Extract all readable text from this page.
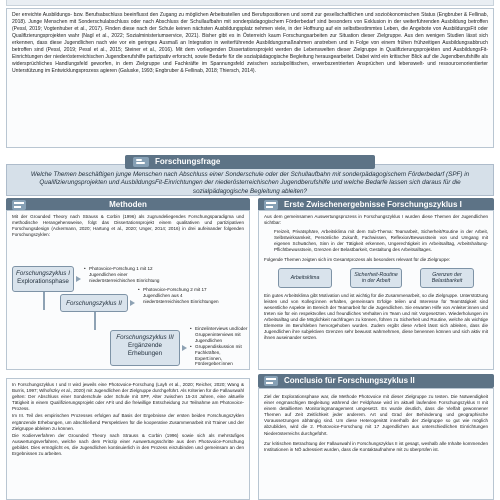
Der erreichte Ausbildungs- bzw. Berufsabschluss beeinflusst den Zugang zu möglichen Arbeitsstellen und Berufspositionen und somit zur gesellschaftlichen und sozioökonomischen Status (Engbruber & Fellinab, 2018). Junge Menschen mit Sonderschulabschluss oder nach Abschluss der Schullaufbahn mit sonderpädagogischem Förderbedarf sind besonders von Exklusion in der weiterführenden Ausbildung betroffen (Pessl, 2019; Vogtenhuber et al., 2017). Finden diese nach der Schule keinen nächsten Ausbildungsplatz nehmen viele, in der Hoffnung auf ein selbstbestimmtes Leben, die Angebote von AusbildungsFit oder Qualifizierungsprojekten wahr (Nagl et al., 2022; Sozialministeriumservice, 2021). Bisher gibt es in Österreich kaum Forschungsarbeiten zur Situation dieser Zielgruppe. Aus den wenigen Studien lässt sich erkennen, dass diese Jugendlichen nach wie vor ein geringes Ausmaß an Integration in weiterführende Ausbildungsmaßnahmen anstreben und in Folge von einem frühen frühzeitigen Ausbildungsabbruch betroffen sind (Pessl, 2019; Pessl et al., 2015; Steiner et al., 2016). Mit dem vorliegenden Dissertationsprojekt werden die Lebenswelten dieser Zielgruppe in Qualifizierungsprojekten und AusbildungsFit-Einrichtungen der niederösterreichischen Jugendberufshilfe partizipativ erforscht, sowie Bedarfe für die sozialpädagogische Begleitung herausgearbeitet. Dabei wird ein kritischer Blick auf die Jugendberufshilfe als widersprüchliches Handlungsfeld geworfen, in dem Zielgruppe und Fachkräfte im Spannungsfeld zwischen sozialpolitischen, erwerbszentrierten Ansprüchen und lebenswelt- und ressourcenorientierter Unterstützung im Entwicklungsprozess agieren (Galuske, 1993; Engbruber & Fellinab, 2018; Thiersch, 2014).

Welche Themen beschäftigen junge Menschen nach Abschluss einer Sonderschule oder der Schullaufbahn mit sonderpädagogischem Förderbedarf (SPF) in Qualifizierungsprojekten und AusbildungsFit-Einrichtungen der niederösterreichischen Jugendberufshilfe und welche Bedarfe lassen sich daraus für die sozialpädagogische Begleitung ableiten?

Forschungsfrage
Methoden	Erste Zwischenergebnisse Forschungszyklus I

Mit der Grounded Theory nach Strauss & Corbin (1996) als zugrundeliegendes Forschungsparadigma und methodische Herangehensweise, folgt das Dissertationsprojekt einem qualitativen und partizipativen Forschungsdesign (Ackermann, 2020; Hartung et al., 2020; Unger, 2014; 2016) in drei aufeinander folgenden Forschungszyklen:

Forschungszyklus I
Explorationsphase
• Photovoice-Forschung 1 mit 12 Jugendlichen einer niederösterreichischen Einrichtung
Forschungszyklus II
• Photovoice-Forschung 2 mit 17 Jugendlichen aus 4 niederösterreichischen Einrichtungen
Forschungszyklus III
Ergänzende Erhebungen
• Einzelinterviews und/oder Gruppeninterviews mit Jugendlichen
• Gruppendiskussion mit Fachkräften, Expert:innen, Fördergeber:innen

Aus dem gemeinsamen Auswertungsprozess in Forschungszyklus I wurden diese Themen der Jugendlichen sichtbar:

Freizeit, Privatsphäre, Arbeitsklima mit dem Sub-Thema: Teamarbeit, Sicherheit/Routine in der Arbeit, Selbstwirksamkeit, Persönliche Zukunft, Fachwissen, Reflexion/Bewusstsein von und Umgang mit eigenen Schwächen, Sinn in der Tätigkeit erkennen, Ungerechtigkeit im Arbeitsalltag, Arbeitshaltung-Pflichtbewusstsein, Grenzen der Belastbarkeit, Gestaltung des Arbeitsalltages.

Folgende Themen zeigten sich im Gesamtprozess als besonders relevant für die Zielgruppe:

Arbeitsklima	Sicherheit-Routine in der Arbeit
Grenzen der Belastbarkeit

Ein gutes Arbeitsklima gibt Motivation und ist wichtig für die Zusammenarbeit, so die Zielgruppe. Unterstützung leisten und von Kolleg:innen erhalten, gemeinsam Erfolge teilen und Interesse für Teamtätigkeit sind wesentliche Aspekte im Bereich der Teamarbeit für die Jugendlichen. Sie erwarten Hilfe von Anleiter:innen und treten sie für ein respektvolles und freundliches Verhalten im Team und mit Vorgesetzten. Wiederholungen im Arbeitsalltag und die Möglichkeit nachfragen zu können, führen zu Sicherheit und Routine, welche als wichtige Elemente im Berufsleben hervorgehoben wurden. Zudem ergibt diese Arbeit lässt sich ableiten, dass die Jugendlichen ihre subjektiven Grenzen sehr bewusst wahrnehmen, diese benennen können und sich aktiv mit ihnen auseinander setzen.

In Forschungszyklus I und II wird jeweils eine Photovoice-Forschung (Layh et al., 2020; Reicher, 2020; Wang & Burris, 1997; Wihofszky et al., 2020) mit Jugendlichen der Zielgruppe durchgeführt. Als Kriterien für die Fallauswahl gelten: Der Abschluss einer Sonderschule oder Schule mit SPF, Alter zwischen 15-24 Jahren, eine aktuelle Tätigkeit in einem Qualifizierungsprojekt oder AFit und die freiwillige Entscheidung zur Teilnahme am Photovoice-Prozess.

Im III. Teil des empirischen Prozesses erfolgen auf Basis der Ergebnisse der ersten beiden Forschungszyklen ergänzende Erhebungen, um abschließend Perspektiven für die kooperative Zusammenarbeit mit Trainer und der Zielgruppe ableiten zu können.

Die Kodierverfahren der Grounded Theory nach Strauss & Corbin (1996) sowie sich als mehrstufiges Auswertungsverfahren, welche nach dem Prinzip einer Auswertungsschritte aus dem Photovoice-Forschung gebildet. Dies ermöglicht es, die Jugendlichen kontinuierlich in den Prozess einzubinden und gemeinsam an den Ergebnissen zu arbeiten.

Conclusio für Forschungszyklus II

Ziel der Explorationsphase war, die Methode Photovoice mit dieser Zielgruppe zu testen. Die Notwendigkeit einer engmaschigen Begleitung während der Feldphase wird im aktuell laufenden Forschungszyklus II mit einem detaillierten Monitoringmanagement umgesetzt. Es wurde deutlich, dass die Vielfalt gewonnener Themen auf Zeit Zeitlichkeit jeder anderem. Art und Grad der Behinderung und geographische Voraussetzungen abhängig sind. Um diese Heterogenität innerhalb der Zielgruppe so gut wie möglich abzubilden, wird die 2. Photovoice-Forschung mit 17 Jugendlichen aus unterschiedlichen Einrichtungen Niederösterreichs durchgeführt.

Zur kritischen Betrachtung der Fallauswahl in Forschungszyklus II ist gesagt, weshalb alle Inhalte kommenden Institutionen in NÖ adressiert wurden, dass die Kontaktaufnahme mit zu überprüfen ist.
